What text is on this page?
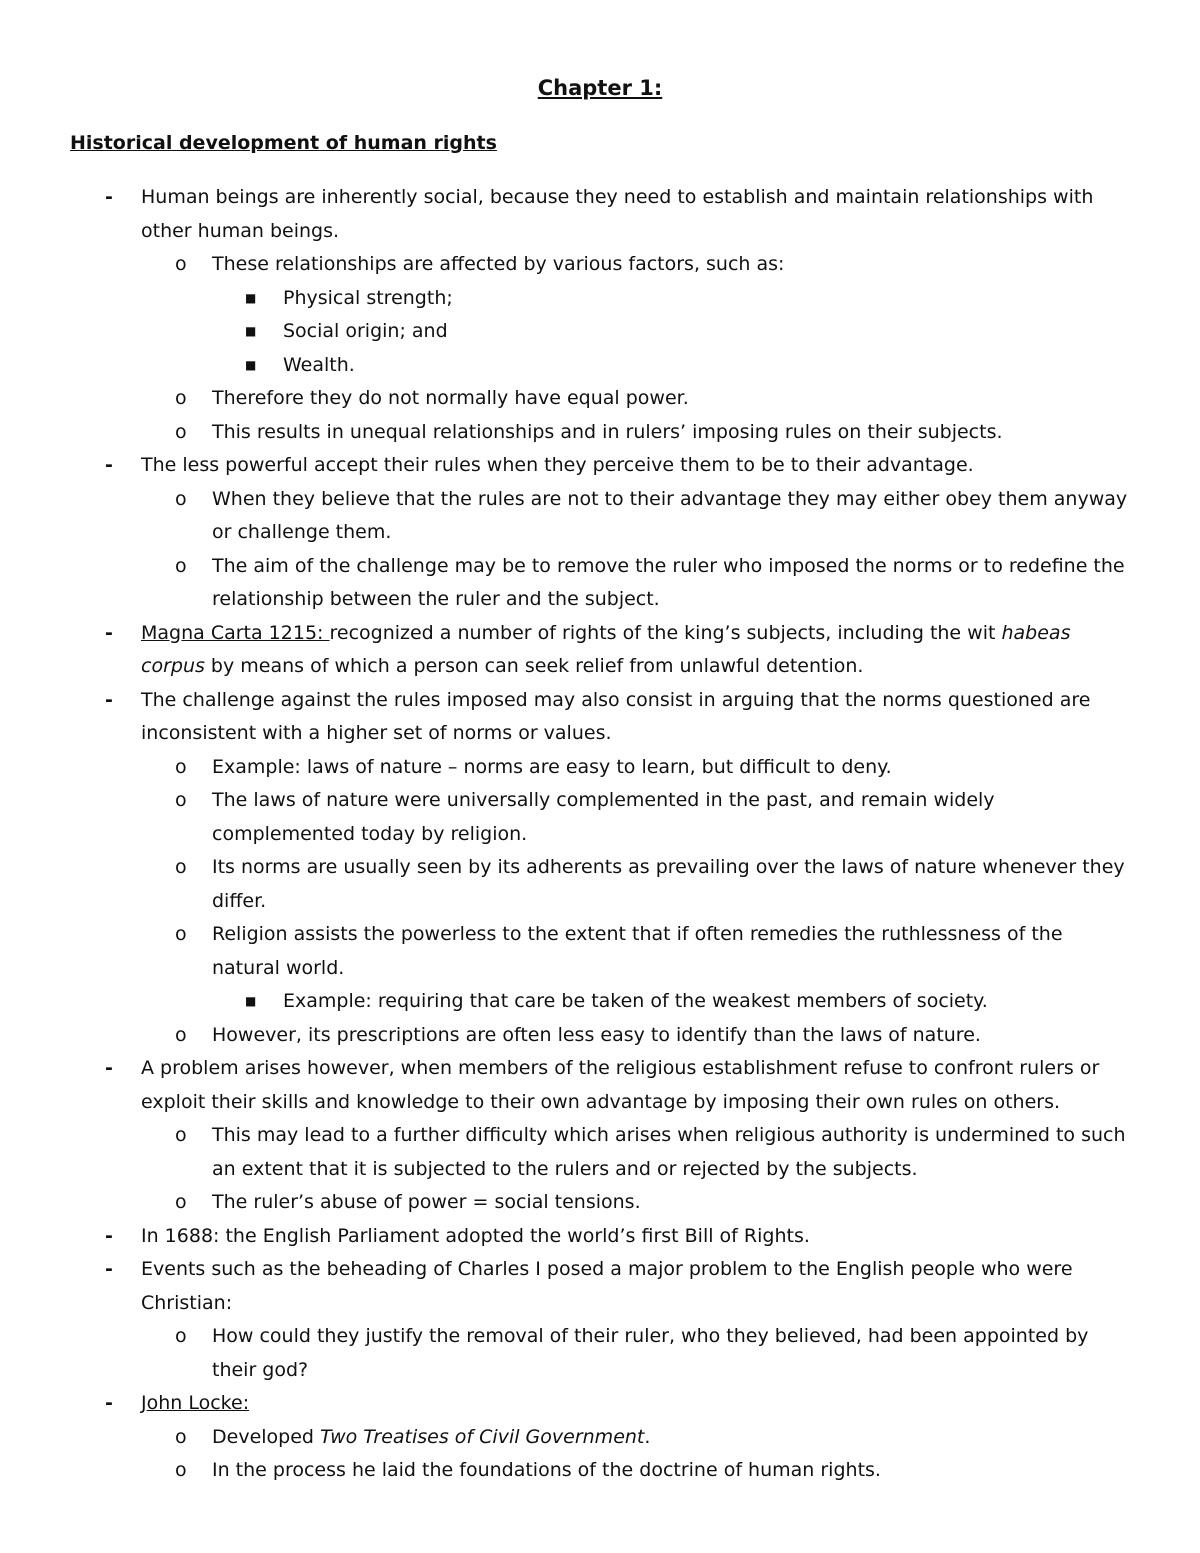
Chapter 1:
Historical development of human rights
- Human beings are inherently social, because they need to establish and maintain relationships with other human beings.
o These relationships are affected by various factors, such as:
■ Physical strength;
■ Social origin; and
■ Wealth.
o Therefore they do not normally have equal power.
o This results in unequal relationships and in rulers’ imposing rules on their subjects.
- The less powerful accept their rules when they perceive them to be to their advantage.
o When they believe that the rules are not to their advantage they may either obey them anyway or challenge them.
o The aim of the challenge may be to remove the ruler who imposed the norms or to redefine the relationship between the ruler and the subject.
- Magna Carta 1215: recognized a number of rights of the king’s subjects, including the wit habeas corpus by means of which a person can seek relief from unlawful detention.
- The challenge against the rules imposed may also consist in arguing that the norms questioned are inconsistent with a higher set of norms or values.
o Example: laws of nature – norms are easy to learn, but difficult to deny.
o The laws of nature were universally complemented in the past, and remain widely complemented today by religion.
o Its norms are usually seen by its adherents as prevailing over the laws of nature whenever they differ.
o Religion assists the powerless to the extent that if often remedies the ruthlessness of the natural world.
■ Example: requiring that care be taken of the weakest members of society.
o However, its prescriptions are often less easy to identify than the laws of nature.
- A problem arises however, when members of the religious establishment refuse to confront rulers or exploit their skills and knowledge to their own advantage by imposing their own rules on others.
o This may lead to a further difficulty which arises when religious authority is undermined to such an extent that it is subjected to the rulers and or rejected by the subjects.
o The ruler’s abuse of power = social tensions.
- In 1688: the English Parliament adopted the world’s first Bill of Rights.
- Events such as the beheading of Charles I posed a major problem to the English people who were Christian:
o How could they justify the removal of their ruler, who they believed, had been appointed by their god?
- John Locke:
o Developed Two Treatises of Civil Government.
o In the process he laid the foundations of the doctrine of human rights.
